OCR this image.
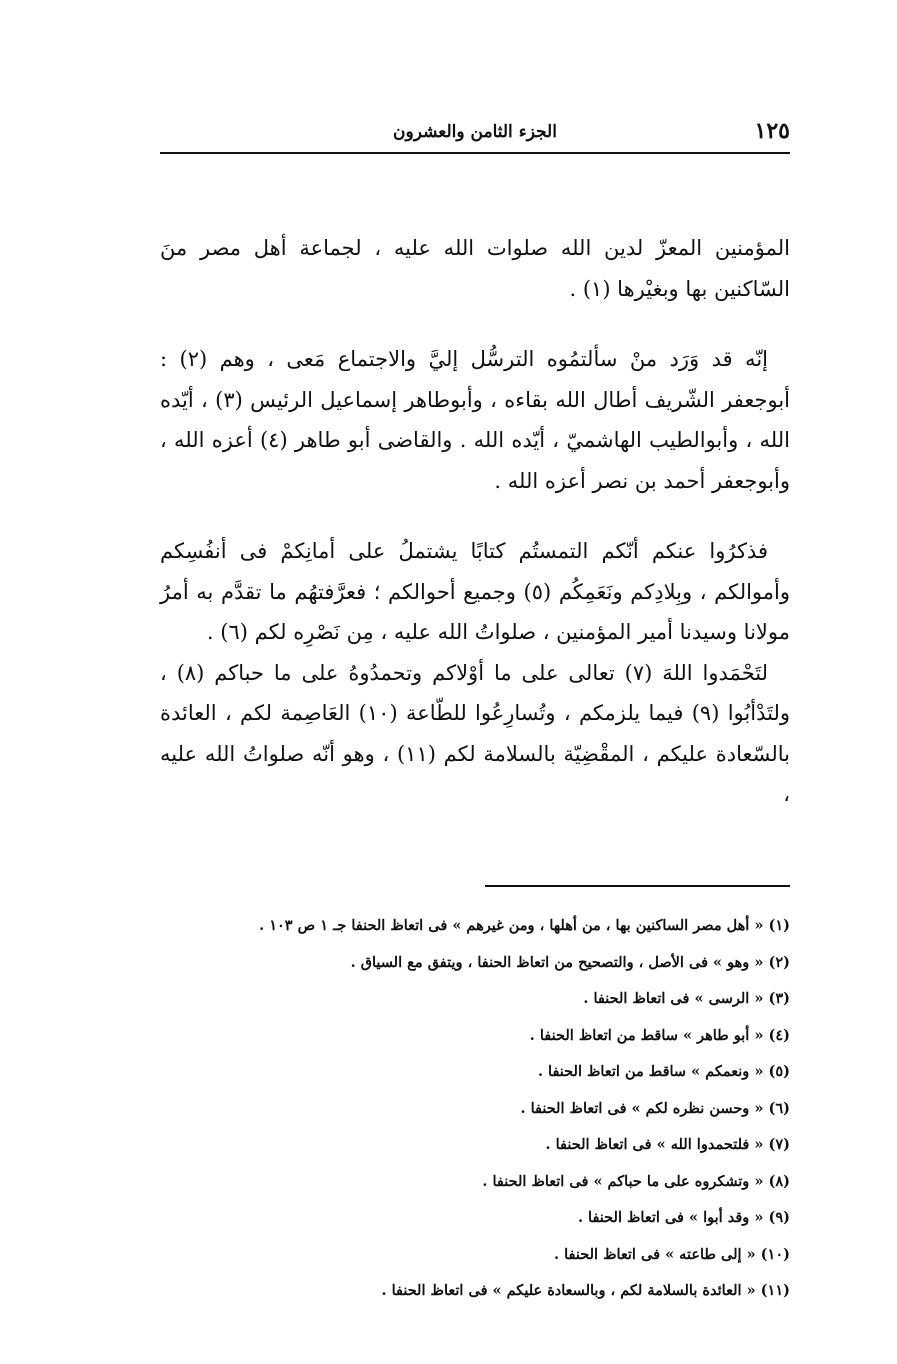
١٢٥
الجزء الثامن والعشرون

المؤمنين المعزّ لدين الله صلوات الله عليه ، لجماعة أهل مصر منَ السّاكنين بها وبغيْرها (١) .

إنّه قد وَرَد منْ سألتمُوه الترسُّل إليَّ والاجتماع مَعى ، وهم (٢) : أبوجعفر الشّريف أطال الله بقاءه ، وأبوطاهر إسماعيل الرئيس (٣) ، أيّده الله ، وأبوالطيب الهاشميّ ، أيّده الله . والقاضى أبو طاهر (٤) أعزه الله ، وأبوجعفر أحمد بن نصر أعزه الله .

فذكرُوا عنكم أنّكم التمستُم كتابًا يشتملُ على أمانِكمْ فى أنفُسِكم وأموالكم ، وبِلادِكم ونَعَمِكُم (٥) وجميع أحوالكم ؛ فعرَّفتهُم ما تقدَّم به أمرُ مولانا وسيدنا أمير المؤمنين ، صلواتُ الله عليه ، مِن نَصْرِه لكم (٦) .

لتَحْمَدوا اللهَ (٧) تعالى على ما أوْلاكم وتحمدُوهُ على ما حباكم (٨) ، ولتَدْأبُوا (٩) فيما يلزمكم ، وتُسارِعُوا للطّاعة (١٠) العَاصِمة لكم ، العائدة بالسّعادة عليكم ، المقْضِيّة بالسلامة لكم (١١) ، وهو أنّه صلواتُ الله عليه ،

(١) « أهل مصر الساكنين بها ، من أهلها ، ومن غيرهم » فى اتعاظ الحنفا جـ ١ ص ١٠٣ .
(٢) « وهو » فى الأصل ، والتصحيح من اتعاظ الحنفا ، ويتفق مع السياق .
(٣) « الرسى » فى اتعاظ الحنفا .
(٤) « أبو طاهر » ساقط من اتعاظ الحنفا .
(٥) « ونعمكم » ساقط من اتعاظ الحنفا .
(٦) « وحسن نظره لكم » فى اتعاظ الحنفا .
(٧) « فلتحمدوا الله » فى اتعاظ الحنفا .
(٨) « وتشكروه على ما حباكم » فى اتعاظ الحنفا .
(٩) « وقد أبوا » فى اتعاظ الحنفا .
(١٠) « إلى طاعته » فى اتعاظ الحنفا .
(١١) « العائدة بالسلامة لكم ، وبالسعادة عليكم » فى اتعاظ الحنفا .
